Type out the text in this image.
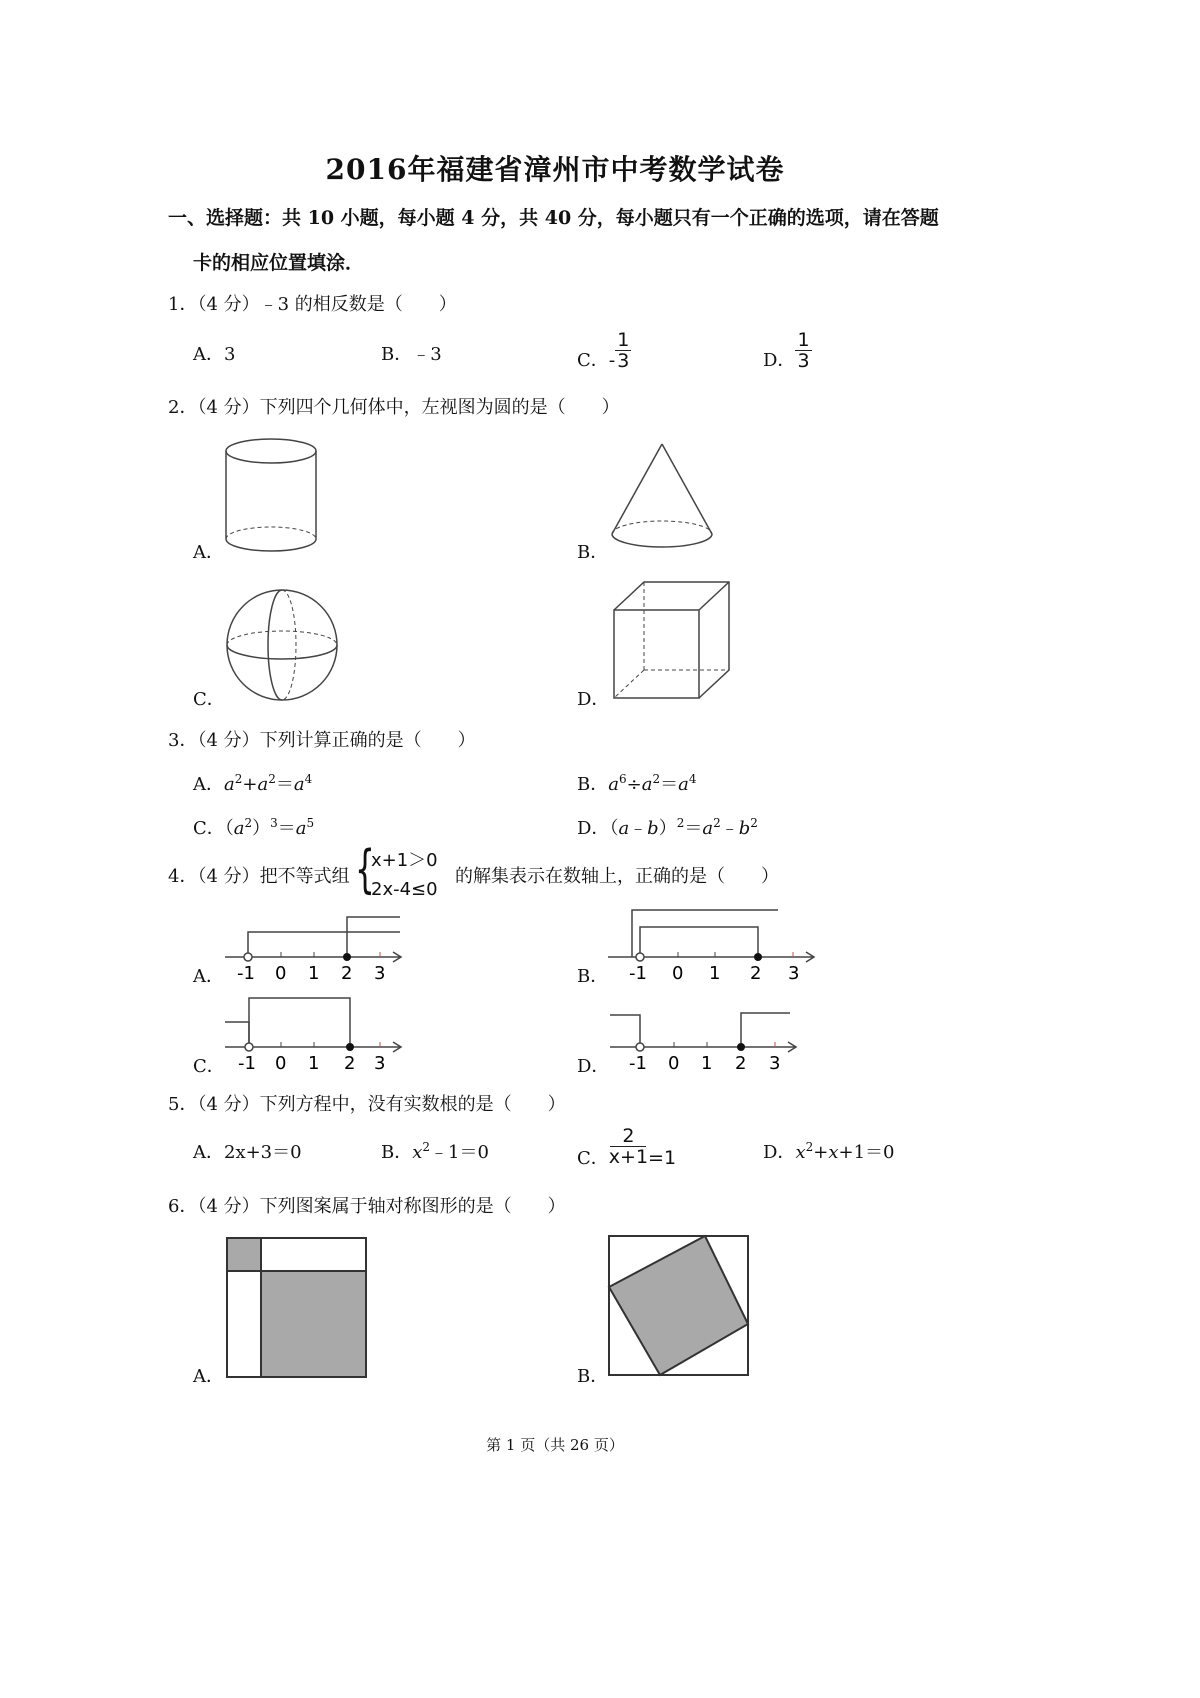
2016年福建省漳州市中考数学试卷
一、选择题：共 10 小题，每小题 4 分，共 40 分，每小题只有一个正确的选项，请在答题
卡的相应位置填涂．
1．（4 分）﹣3 的相反数是（　　）
A．3	B．﹣3	C．- $\frac{1}{3}$	D． $\frac{1}{3}$
2．（4 分）下列四个几何体中，左视图为圆的是（　　）
A．	B．
C．	D．
3．（4 分）下列计算正确的是（　　）
A．$a^2+a^2=a^4$	B．$a^6\div a^2=a^4$
C．$(a^2)^3=a^5$	D．$(a﹣b)^2=a^2﹣b^2$
4．（4 分）把不等式组 {
x+1＞0
2x-4≤0
的解集表示在数轴上，正确的是（　　）
A．	B．
C．	D．
-1 0 1 2 3	-1 0 1 2 3
-1 0 1 2 3	-1 0 1 2 3
5．（4 分）下列方程中，没有实数根的是（　　）
A．2x+3＝0	B．$x^2﹣1=0$	C． $\frac{2}{x+1} =1$	D．$x^2+x+1=0$
6．（4 分）下列图案属于轴对称图形的是（　　）
A．	B．
第 1 页（共 26 页）
